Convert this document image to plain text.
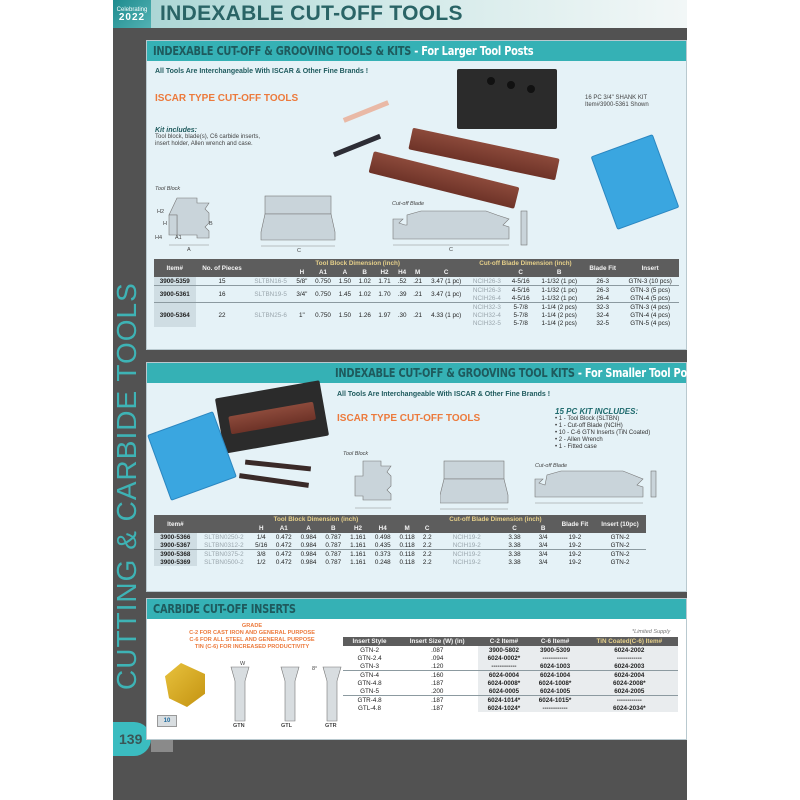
Celebrating
2022 INDEXABLE CUT-OFF TOOLS
CUTTING & CARBIDE TOOLS
139
INDEXABLE CUT-OFF & GROOVING TOOLS & KITS - For Larger Tool Posts
All Tools Are Interchangeable With ISCAR & Other Fine Brands !
ISCAR TYPE CUT-OFF TOOLS
Kit includes:
Tool block, blade(s), C6 carbide inserts,
insert holder, Allen wrench and case.
16 PC 3/4" SHANK KIT
Item#3900-5361 Shown
Tool Block
H2
H
H4 A1
A
B
C
Cut-off Blade
C
Item#	No. of Pieces	Tool Block Dimension (inch)									Cut-off Blade Dimension (inch)			Blade Fit	Insert
			H	A1	A	B	H2	H4	M	C		C	B		
3900-5359	15	SLTBN16-5	5/8"	0.750	1.50	1.02	1.71	.52	.21	3.47 (1 pc)	NCIH26-3	4-5/16	1-1/32 (1 pc)	26-3	GTN-3 (10 pcs)
3900-5361	16	SLTBN19-5	3/4"	0.750	1.45	1.02	1.70	.39	.21	3.47 (1 pc)	NCIH26-3	4-5/16	1-1/32 (1 pc)	26-3	GTN-3 (5 pcs)
											NCIH26-4	4-5/16	1-1/32 (1 pc)	26-4	GTN-4 (5 pcs)
3900-5364	22	SLTBN25-6	1"	0.750	1.50	1.26	1.97	.30	.21	4.33 (1 pc)	NCIH32-3	5-7/8	1-1/4 (2 pcs)	32-3	GTN-3 (4 pcs)
											NCIH32-4	5-7/8	1-1/4 (2 pcs)	32-4	GTN-4 (4 pcs)
											NCIH32-5	5-7/8	1-1/4 (2 pcs)	32-5	GTN-5 (4 pcs)
INDEXABLE CUT-OFF & GROOVING TOOL KITS - For Smaller Tool Posts
All Tools Are Interchangeable With ISCAR & Other Fine Brands !
ISCAR TYPE CUT-OFF TOOLS
15 PC KIT INCLUDES:
• 1 - Tool Block (SLTBN)
• 1 - Cut-off Blade (NCIH)
• 10 - C-6 GTN Inserts (TiN Coated)
• 2 - Allen Wrench
• 1 - Fitted case
Tool Block
Cut-off Blade
Item#	Tool Block Dimension (inch)									Cut-off Blade Dimension (inch)			Blade Fit	Insert (10pc)
		H	A1	A	B	H2	H4	M	C		C	B		
3900-5366	SLTBN0250-2	1/4	0.472	0.984	0.787	1.161	0.498	0.118	2.2	NCIH19-2	3.38	3/4	19-2	GTN-2
3900-5367	SLTBN0312-2	5/16	0.472	0.984	0.787	1.161	0.435	0.118	2.2	NCIH19-2	3.38	3/4	19-2	GTN-2
3900-5368	SLTBN0375-2	3/8	0.472	0.984	0.787	1.161	0.373	0.118	2.2	NCIH19-2	3.38	3/4	19-2	GTN-2
3900-5369	SLTBN0500-2	1/2	0.472	0.984	0.787	1.161	0.248	0.118	2.2	NCIH19-2	3.38	3/4	19-2	GTN-2
CARBIDE CUT-OFF INSERTS
GRADE
C-2 FOR CAST IRON AND GENERAL PURPOSE
C-6 FOR ALL STEEL AND GENERAL PURPOSE
TIN (C-6) FOR INCREASED PRODUCTIVITY
10
W
8°
GTN	GTL	GTR
*Limited Supply
Insert Style	Insert Size (W) (in)	C-2 Item#	C-6 Item#	TiN Coated(C-6) Item#
GTN-2	.087	3900-5802	3900-5309	6024-2002
GTN-2.4	.094	6024-0002*	------------	------------
GTN-3	.120	------------	6024-1003	6024-2003
GTN-4	.160	6024-0004	6024-1004	6024-2004
GTN-4.8	.187	6024-0008*	6024-1008*	6024-2008*
GTN-5	.200	6024-0005	6024-1005	6024-2005
GTR-4.8	.187	6024-1014*	6024-1015*	------------
GTL-4.8	.187	6024-1024*	------------	6024-2034*
